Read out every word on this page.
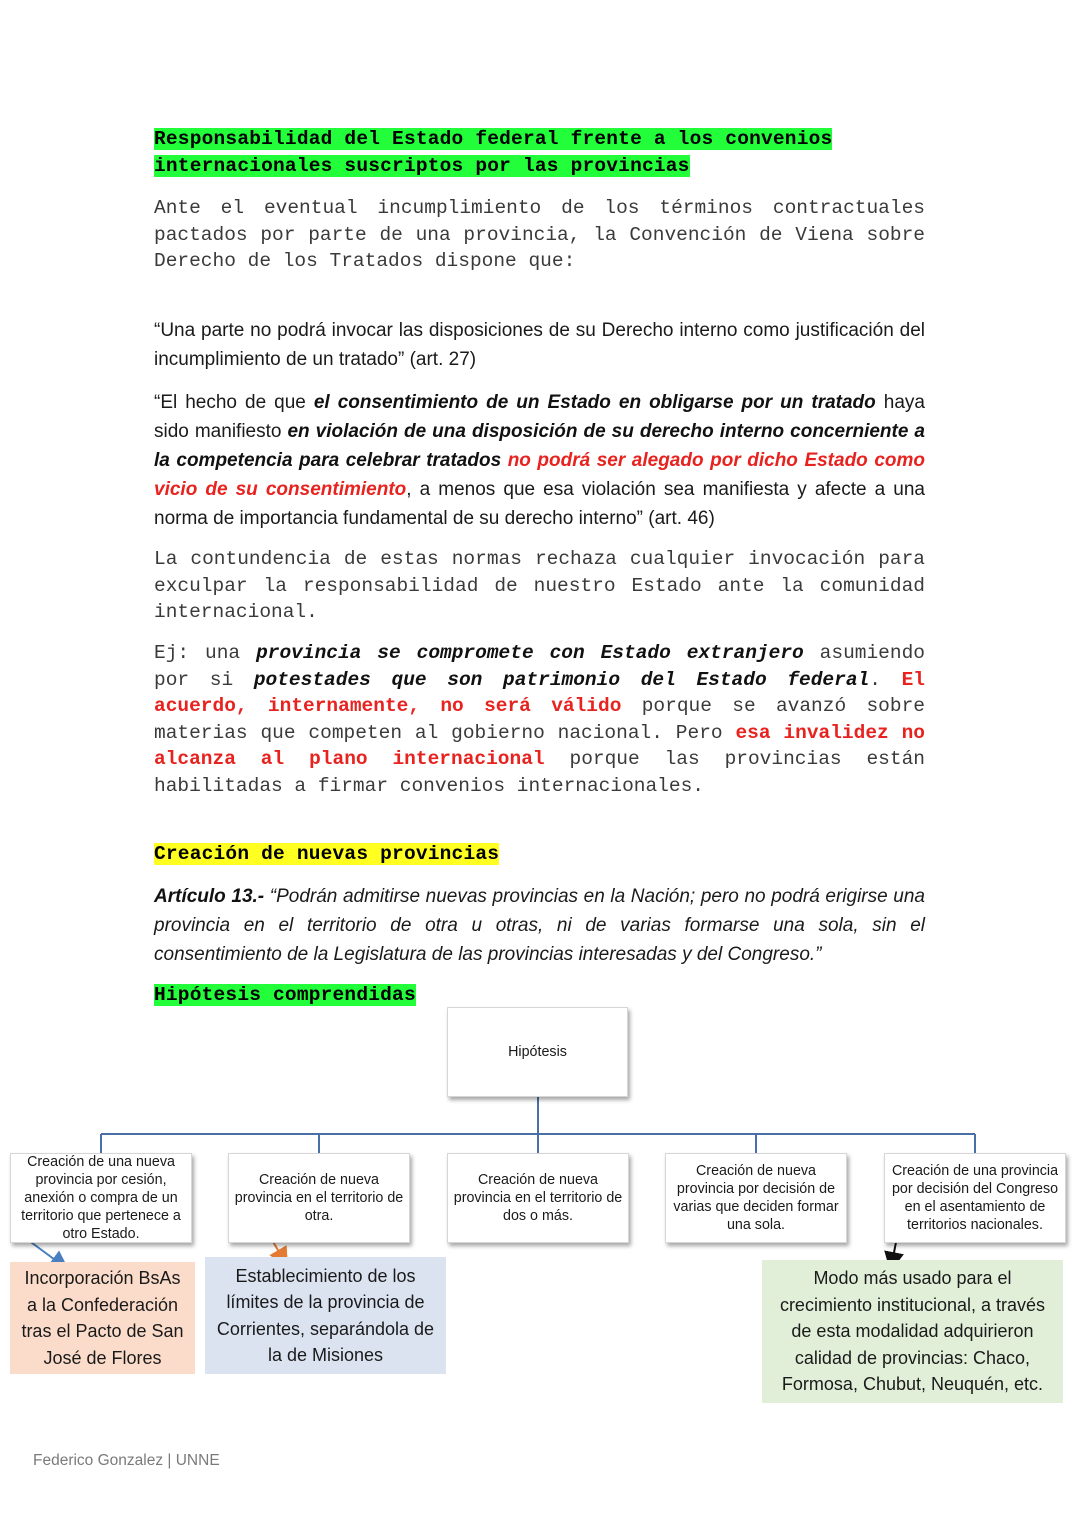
Responsabilidad del Estado federal frente a los convenios
internacionales suscriptos por las provincias
Ante el eventual incumplimiento de los términos contractuales pactados por parte de una provincia, la Convención de Viena sobre Derecho de los Tratados dispone que:
“Una parte no podrá invocar las disposiciones de su Derecho interno como justificación del incumplimiento de un tratado” (art. 27)
“El hecho de que el consentimiento de un Estado en obligarse por un tratado haya sido manifiesto en violación de una disposición de su derecho interno concerniente a la competencia para celebrar tratados no podrá ser alegado por dicho Estado como vicio de su consentimiento, a menos que esa violación sea manifiesta y afecte a una norma de importancia fundamental de su derecho interno” (art. 46)
La contundencia de estas normas rechaza cualquier invocación para exculpar la responsabilidad de nuestro Estado ante la comunidad internacional.
Ej: una provincia se compromete con Estado extranjero asumiendo por si potestades que son patrimonio del Estado federal. El acuerdo, internamente, no será válido porque se avanzó sobre materias que competen al gobierno nacional. Pero esa invalidez no alcanza al plano internacional porque las provincias están habilitadas a firmar convenios internacionales.
Creación de nuevas provincias
Artículo 13.- “Podrán admitirse nuevas provincias en la Nación; pero no podrá erigirse una provincia en el territorio de otra u otras, ni de varias formarse una sola, sin el consentimiento de la Legislatura de las provincias interesadas y del Congreso.”
Hipótesis comprendidas
Hipótesis
Creación de una nueva provincia por cesión, anexión o compra de un territorio que pertenece a otro Estado.
Creación de nueva provincia en el territorio de otra.
Creación de nueva provincia en el territorio de dos o más.
Creación de nueva provincia por decisión de varias que deciden formar una sola.
Creación de una provincia por decisión del Congreso en el asentamiento de territorios nacionales.
Incorporación BsAs a la Confederación tras el Pacto de San José de Flores
Establecimiento de los límites de la provincia de Corrientes, separándola de la de Misiones
Modo más usado para el crecimiento institucional, a través de esta modalidad adquirieron calidad de provincias: Chaco, Formosa, Chubut, Neuquén, etc.
Federico Gonzalez | UNNE
